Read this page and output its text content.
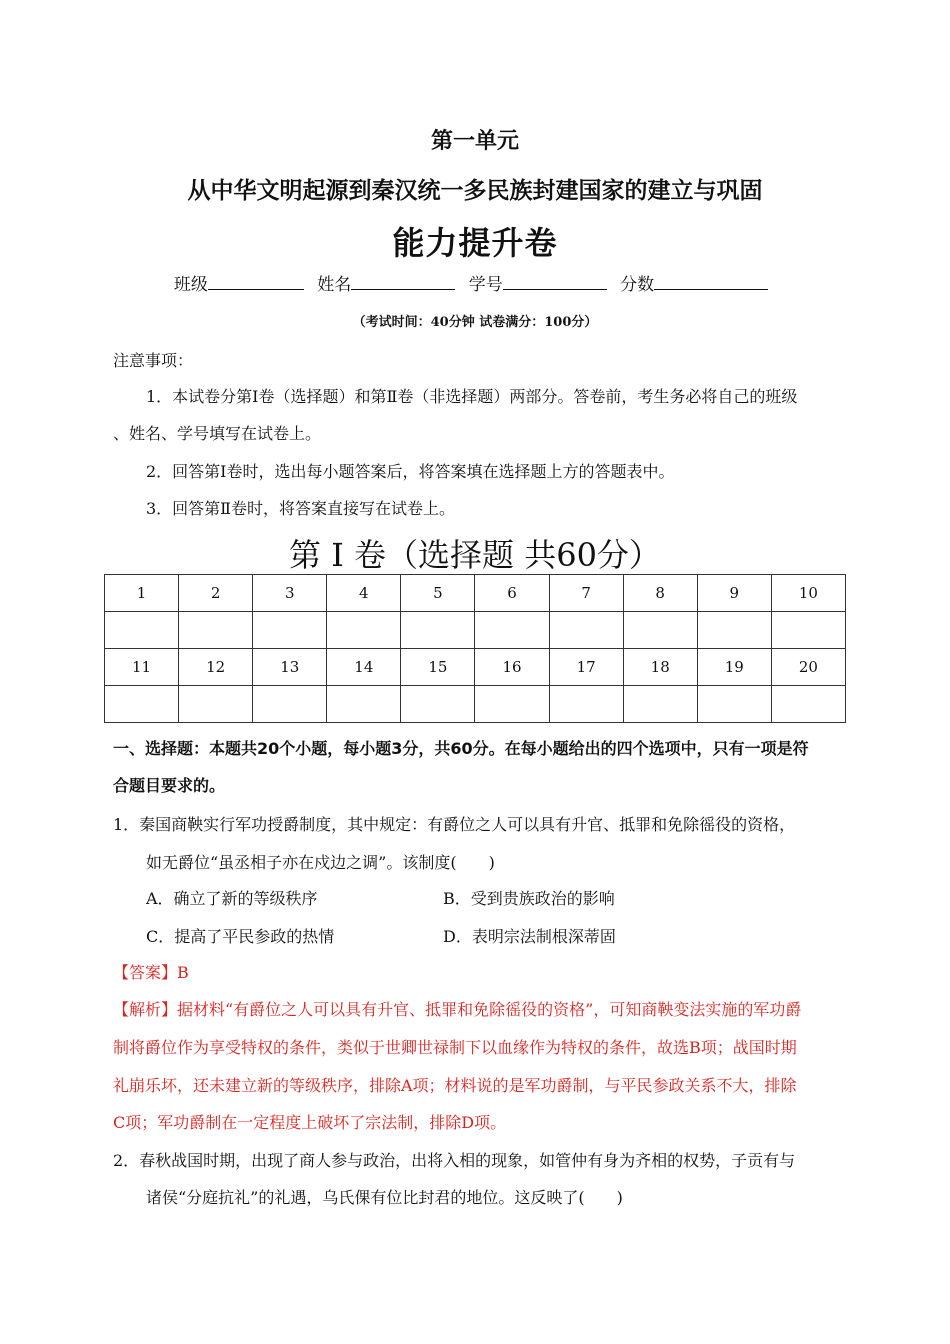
第一单元
从中华文明起源到秦汉统一多民族封建国家的建立与巩固
能力提升卷
班级	姓名	学号	分数
（考试时间：40分钟 试卷满分：100分）
注意事项：
1．本试卷分第Ⅰ卷（选择题）和第Ⅱ卷（非选择题）两部分。答卷前，考生务必将自己的班级
、姓名、学号填写在试卷上。
2．回答第Ⅰ卷时，选出每小题答案后，将答案填在选择题上方的答题表中。
3．回答第Ⅱ卷时，将答案直接写在试卷上。
第 I 卷（选择题 共60分）
1	2	3	4	5	6	7	8	9	10

11	12	13	14	15	16	17	18	19	20

一、选择题：本题共20个小题，每小题3分，共60分。在每小题给出的四个选项中，只有一项是符
合题目要求的。
1．秦国商鞅实行军功授爵制度，其中规定：有爵位之人可以具有升官、抵罪和免除徭役的资格，
如无爵位“虽丞相子亦在戍边之调”。该制度(　　)
A．确立了新的等级秩序	B．受到贵族政治的影响
C．提高了平民参政的热情	D．表明宗法制根深蒂固
【答案】B
【解析】据材料“有爵位之人可以具有升官、抵罪和免除徭役的资格”，可知商鞅变法实施的军功爵
制将爵位作为享受特权的条件，类似于世卿世禄制下以血缘作为特权的条件，故选B项；战国时期
礼崩乐坏，还未建立新的等级秩序，排除A项；材料说的是军功爵制，与平民参政关系不大，排除
C项；军功爵制在一定程度上破坏了宗法制，排除D项。
2．春秋战国时期，出现了商人参与政治，出将入相的现象，如管仲有身为齐相的权势，子贡有与
诸侯“分庭抗礼”的礼遇，乌氏倮有位比封君的地位。这反映了(　　)
